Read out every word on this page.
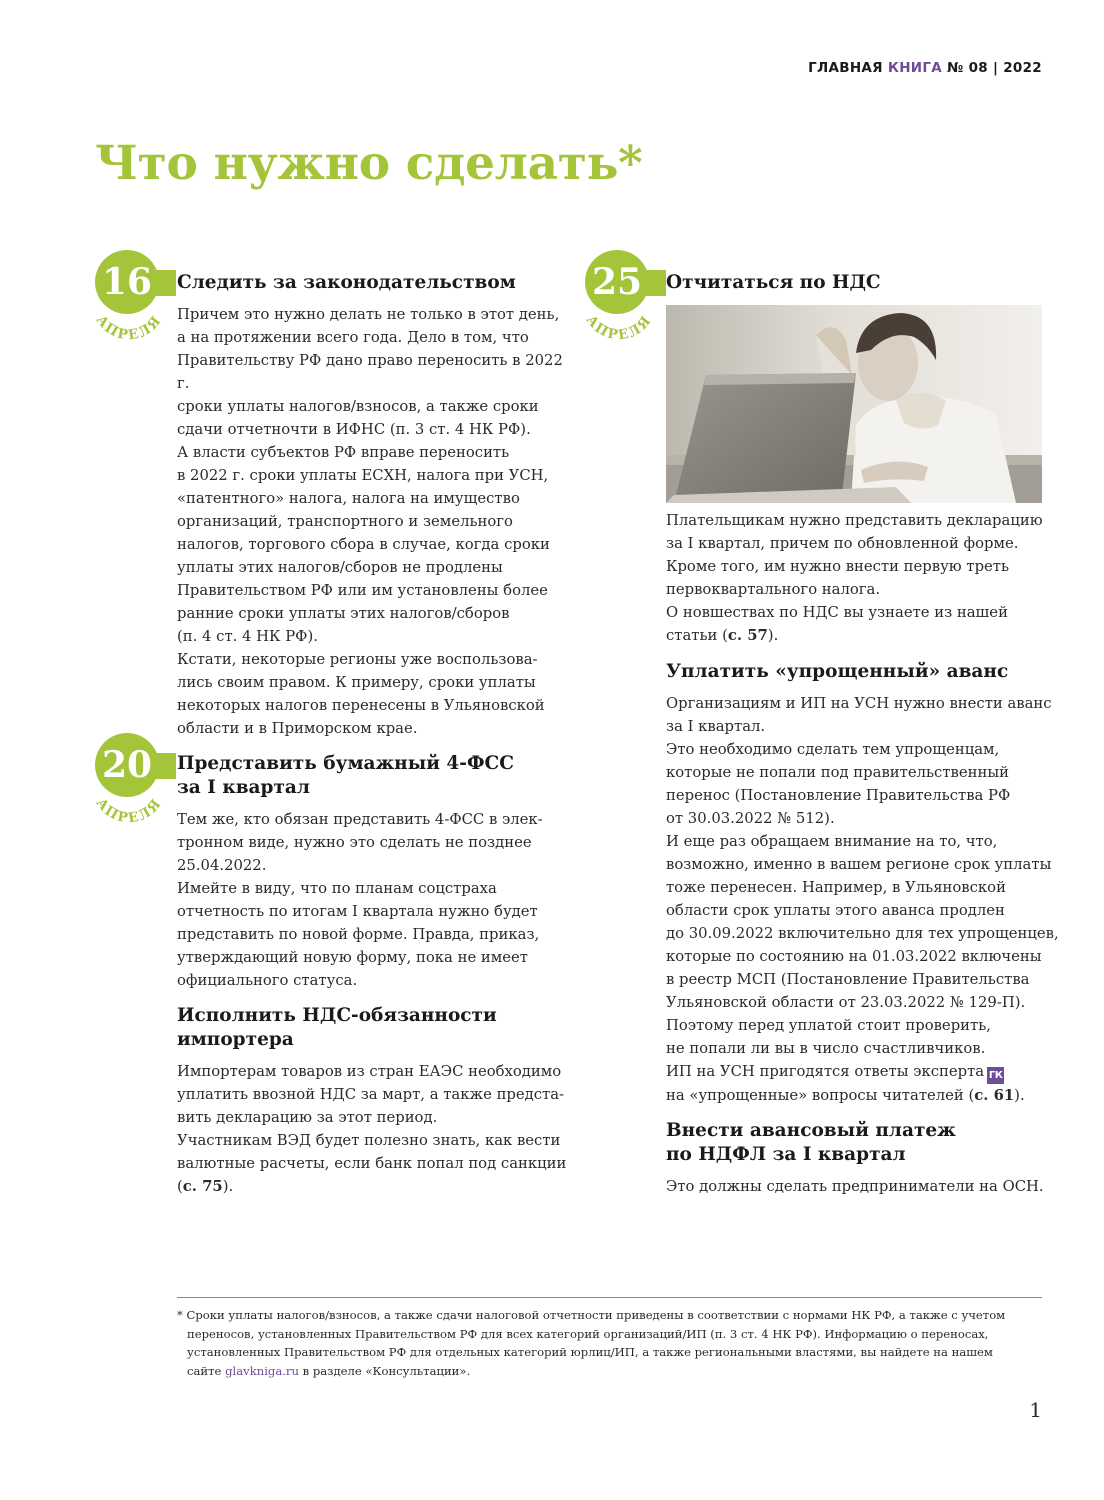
ГЛАВНАЯ КНИГА № 08 | 2022
Что нужно сделать*
16
АПРЕЛЯ
20
АПРЕЛЯ
25
АПРЕЛЯ
Следить за законодательством

Причем это нужно делать не только в этот день,
а на протяжении всего года. Дело в том, что
Правительству РФ дано право переносить в 2022 г.
сроки уплаты налогов/взносов, а также сроки
сдачи отчетночти в ИФНС (п. 3 ст. 4 НК РФ).
А власти субъектов РФ вправе переносить
в 2022 г. сроки уплаты ЕСХН, налога при УСН,
«патентного» налога, налога на имущество
организаций, транспортного и земельного
налогов, торгового сбора в случае, когда сроки
уплаты этих налогов/сборов не продлены
Правительством РФ или им установлены более
ранние сроки уплаты этих налогов/сборов
(п. 4 ст. 4 НК РФ).
Кстати, некоторые регионы уже воспользова-
лись своим правом. К примеру, сроки уплаты
некоторых налогов перенесены в Ульяновской
области и в Приморском крае.

Представить бумажный 4-ФСС
за I квартал

Тем же, кто обязан представить 4-ФСС в элек-
тронном виде, нужно это сделать не позднее
25.04.2022.
Имейте в виду, что по планам соцстраха
отчетность по итогам I квартала нужно будет
представить по новой форме. Правда, приказ,
утверждающий новую форму, пока не имеет
официального статуса.

Исполнить НДС-обязанности
импортера

Импортерам товаров из стран ЕАЭС необходимо
уплатить ввозной НДС за март, а также предста-
вить декларацию за этот период.
Участникам ВЭД будет полезно знать, как вести
валютные расчеты, если банк попал под санкции
(с. 75).

Отчитаться по НДС

Плательщикам нужно представить декларацию
за I квартал, причем по обновленной форме.
Кроме того, им нужно внести первую треть
первоквартального налога.
О новшествах по НДС вы узнаете из нашей
статьи (с. 57).

Уплатить «упрощенный» аванс

Организациям и ИП на УСН нужно внести аванс
за I квартал.
Это необходимо сделать тем упрощенцам,
которые не попали под правительственный
перенос (Постановление Правительства РФ
от 30.03.2022 № 512).
И еще раз обращаем внимание на то, что,
возможно, именно в вашем регионе срок уплаты
тоже перенесен. Например, в Ульяновской
области срок уплаты этого аванса продлен
до 30.09.2022 включительно для тех упрощенцев,
которые по состоянию на 01.03.2022 включены
в реестр МСП (Постановление Правительства
Ульяновской области от 23.03.2022 № 129-П).
Поэтому перед уплатой стоит проверить,
не попали ли вы в число счастливчиков.
ИП на УСН пригодятся ответы эксперта ГК
на «упрощенные» вопросы читателей (с. 61).

Внести авансовый платеж
по НДФЛ за I квартал

Это должны сделать предприниматели на ОСН.

* Сроки уплаты налогов/взносов, а также сдачи налоговой отчетности приведены в соответствии с нормами НК РФ, а также с учетом
переносов, установленных Правительством РФ для всех категорий организаций/ИП (п. 3 ст. 4 НК РФ). Информацию о переносах,
установленных Правительством РФ для отдельных категорий юрлиц/ИП, а также региональными властями, вы найдете на нашем
сайте glavkniga.ru в разделе «Консультации».
1
